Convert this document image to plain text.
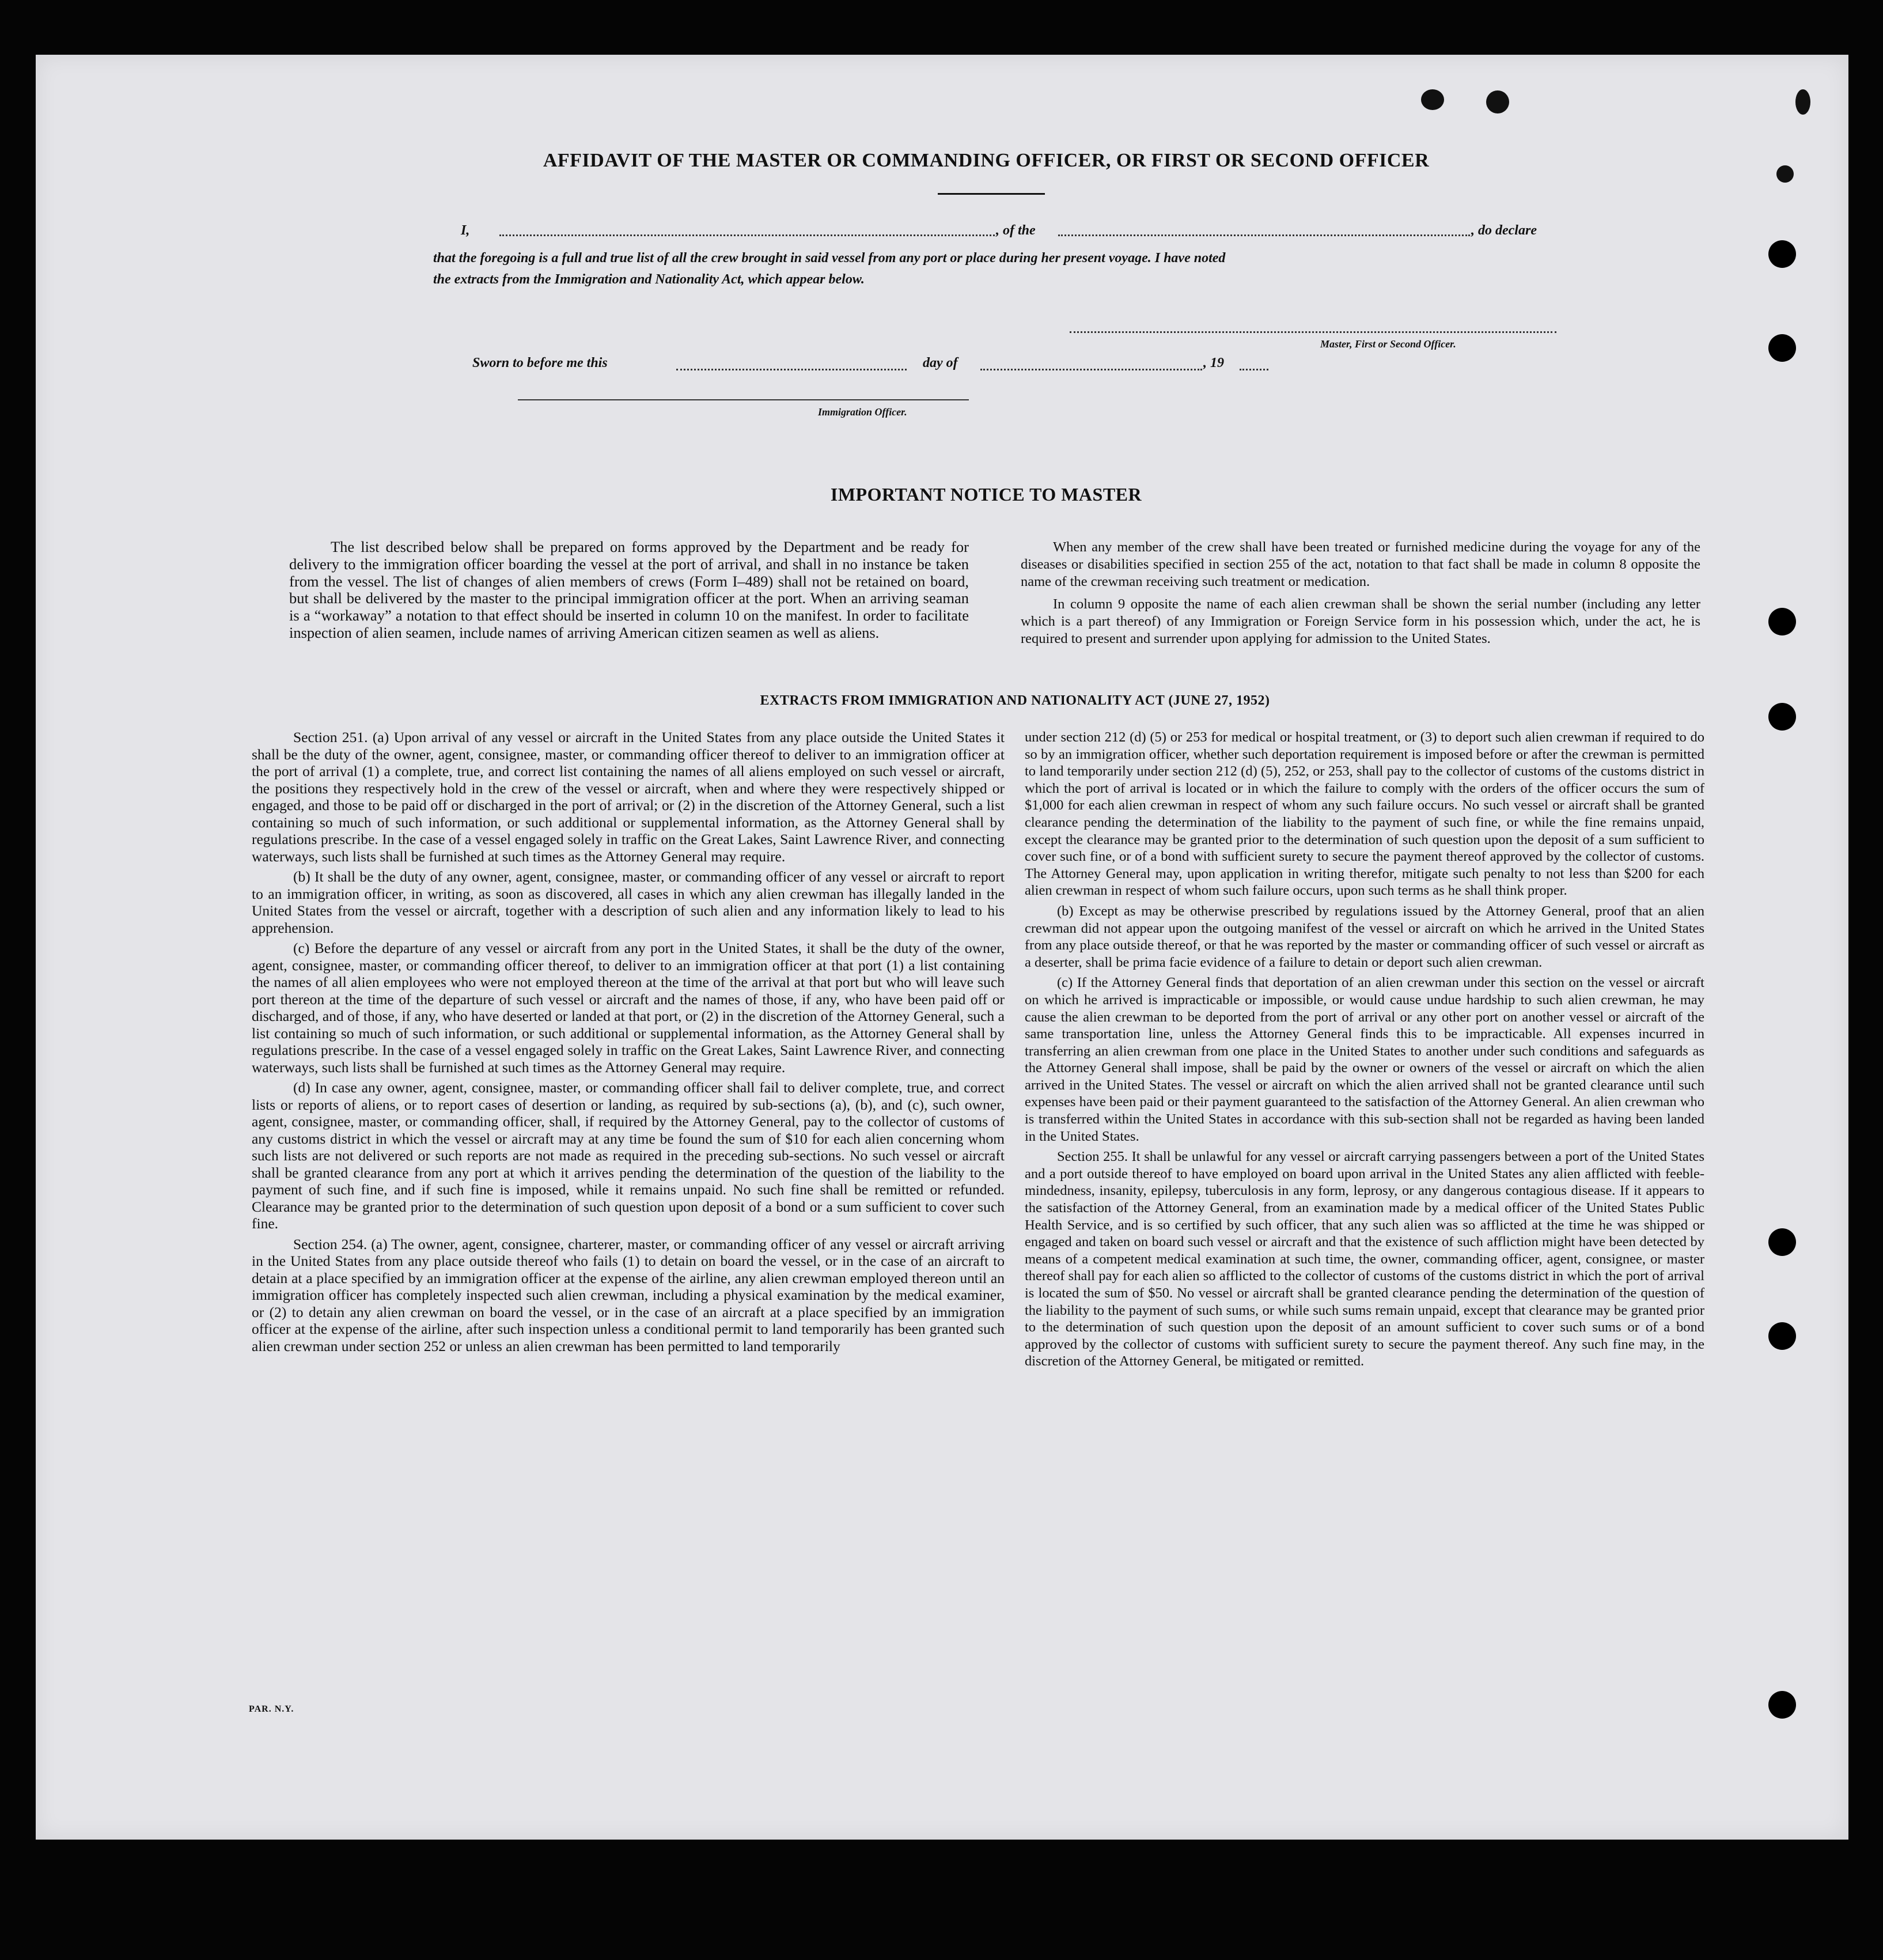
AFFIDAVIT OF THE MASTER OR COMMANDING OFFICER, OR FIRST OR SECOND OFFICER
I,	, of the	, do declare
that the foregoing is a full and true list of all the crew brought in said vessel from any port or place during her present voyage. I have noted
the extracts from the Immigration and Nationality Act, which appear below.
Master, First or Second Officer.
Sworn to before me this	day of	, 19
Immigration Officer.
IMPORTANT NOTICE TO MASTER

The list described below shall be prepared on forms approved by the Department and be ready for delivery to the immigration officer boarding the vessel at the port of arrival, and shall in no instance be taken from the vessel. The list of changes of alien members of crews (Form I–489) shall not be retained on board, but shall be delivered by the master to the principal immigration officer at the port. When an arriving seaman is a “workaway” a notation to that effect should be inserted in column 10 on the manifest. In order to facilitate inspection of alien seamen, include names of arriving American citizen seamen as well as aliens.

When any member of the crew shall have been treated or furnished medicine during the voyage for any of the diseases or disabilities specified in section 255 of the act, notation to that fact shall be made in column 8 opposite the name of the crewman receiving such treatment or medication.

In column 9 opposite the name of each alien crewman shall be shown the serial number (including any letter which is a part thereof) of any Immigration or Foreign Service form in his possession which, under the act, he is required to present and surrender upon applying for admission to the United States.

EXTRACTS FROM IMMIGRATION AND NATIONALITY ACT (JUNE 27, 1952)

Section 251. (a) Upon arrival of any vessel or aircraft in the United States from any place outside the United States it shall be the duty of the owner, agent, consignee, master, or commanding officer thereof to deliver to an immigration officer at the port of arrival (1) a complete, true, and correct list containing the names of all aliens employed on such vessel or aircraft, the positions they respectively hold in the crew of the vessel or aircraft, when and where they were respectively shipped or engaged, and those to be paid off or discharged in the port of arrival; or (2) in the discretion of the Attorney General, such a list containing so much of such information, or such additional or supplemental information, as the Attorney General shall by regulations prescribe. In the case of a vessel engaged solely in traffic on the Great Lakes, Saint Lawrence River, and connecting waterways, such lists shall be furnished at such times as the Attorney General may require.

(b) It shall be the duty of any owner, agent, consignee, master, or commanding officer of any vessel or aircraft to report to an immigration officer, in writing, as soon as discovered, all cases in which any alien crewman has illegally landed in the United States from the vessel or aircraft, together with a description of such alien and any information likely to lead to his apprehension.

(c) Before the departure of any vessel or aircraft from any port in the United States, it shall be the duty of the owner, agent, consignee, master, or commanding officer thereof, to deliver to an immigration officer at that port (1) a list containing the names of all alien employees who were not employed thereon at the time of the arrival at that port but who will leave such port thereon at the time of the departure of such vessel or aircraft and the names of those, if any, who have been paid off or discharged, and of those, if any, who have deserted or landed at that port, or (2) in the discretion of the Attorney General, such a list containing so much of such information, or such additional or supplemental information, as the Attorney General shall by regulations prescribe. In the case of a vessel engaged solely in traffic on the Great Lakes, Saint Lawrence River, and connecting waterways, such lists shall be furnished at such times as the Attorney General may require.

(d) In case any owner, agent, consignee, master, or commanding officer shall fail to deliver complete, true, and correct lists or reports of aliens, or to report cases of desertion or landing, as required by sub-sections (a), (b), and (c), such owner, agent, consignee, master, or commanding officer, shall, if required by the Attorney General, pay to the collector of customs of any customs district in which the vessel or aircraft may at any time be found the sum of $10 for each alien concerning whom such lists are not delivered or such reports are not made as required in the preceding sub-sections. No such vessel or aircraft shall be granted clearance from any port at which it arrives pending the determination of the question of the liability to the payment of such fine, and if such fine is imposed, while it remains unpaid. No such fine shall be remitted or refunded. Clearance may be granted prior to the determination of such question upon deposit of a bond or a sum sufficient to cover such fine.

Section 254. (a) The owner, agent, consignee, charterer, master, or commanding officer of any vessel or aircraft arriving in the United States from any place outside thereof who fails (1) to detain on board the vessel, or in the case of an aircraft to detain at a place specified by an immigration officer at the expense of the airline, any alien crewman employed thereon until an immigration officer has completely inspected such alien crewman, including a physical examination by the medical examiner, or (2) to detain any alien crewman on board the vessel, or in the case of an aircraft at a place specified by an immigration officer at the expense of the airline, after such inspection unless a conditional permit to land temporarily has been granted such alien crewman under section 252 or unless an alien crewman has been permitted to land temporarily

under section 212 (d) (5) or 253 for medical or hospital treatment, or (3) to deport such alien crewman if required to do so by an immigration officer, whether such deportation requirement is imposed before or after the crewman is permitted to land temporarily under section 212 (d) (5), 252, or 253, shall pay to the collector of customs of the customs district in which the port of arrival is located or in which the failure to comply with the orders of the officer occurs the sum of $1,000 for each alien crewman in respect of whom any such failure occurs. No such vessel or aircraft shall be granted clearance pending the determination of the liability to the payment of such fine, or while the fine remains unpaid, except the clearance may be granted prior to the determination of such question upon the deposit of a sum sufficient to cover such fine, or of a bond with sufficient surety to secure the payment thereof approved by the collector of customs. The Attorney General may, upon application in writing therefor, mitigate such penalty to not less than $200 for each alien crewman in respect of whom such failure occurs, upon such terms as he shall think proper.

(b) Except as may be otherwise prescribed by regulations issued by the Attorney General, proof that an alien crewman did not appear upon the outgoing manifest of the vessel or aircraft on which he arrived in the United States from any place outside thereof, or that he was reported by the master or commanding officer of such vessel or aircraft as a deserter, shall be prima facie evidence of a failure to detain or deport such alien crewman.

(c) If the Attorney General finds that deportation of an alien crewman under this section on the vessel or aircraft on which he arrived is impracticable or impossible, or would cause undue hardship to such alien crewman, he may cause the alien crewman to be deported from the port of arrival or any other port on another vessel or aircraft of the same transportation line, unless the Attorney General finds this to be impracticable. All expenses incurred in transferring an alien crewman from one place in the United States to another under such conditions and safeguards as the Attorney General shall impose, shall be paid by the owner or owners of the vessel or aircraft on which the alien arrived in the United States. The vessel or aircraft on which the alien arrived shall not be granted clearance until such expenses have been paid or their payment guaranteed to the satisfaction of the Attorney General. An alien crewman who is transferred within the United States in accordance with this sub-section shall not be regarded as having been landed in the United States.

Section 255. It shall be unlawful for any vessel or aircraft carrying passengers between a port of the United States and a port outside thereof to have employed on board upon arrival in the United States any alien afflicted with feeble-mindedness, insanity, epilepsy, tuberculosis in any form, leprosy, or any dangerous contagious disease. If it appears to the satisfaction of the Attorney General, from an examination made by a medical officer of the United States Public Health Service, and is so certified by such officer, that any such alien was so afflicted at the time he was shipped or engaged and taken on board such vessel or aircraft and that the existence of such affliction might have been detected by means of a competent medical examination at such time, the owner, commanding officer, agent, consignee, or master thereof shall pay for each alien so afflicted to the collector of customs of the customs district in which the port of arrival is located the sum of $50. No vessel or aircraft shall be granted clearance pending the determination of the question of the liability to the payment of such sums, or while such sums remain unpaid, except that clearance may be granted prior to the determination of such question upon the deposit of an amount sufficient to cover such sums or of a bond approved by the collector of customs with sufficient surety to secure the payment thereof. Any such fine may, in the discretion of the Attorney General, be mitigated or remitted.

PAR. N.Y.
